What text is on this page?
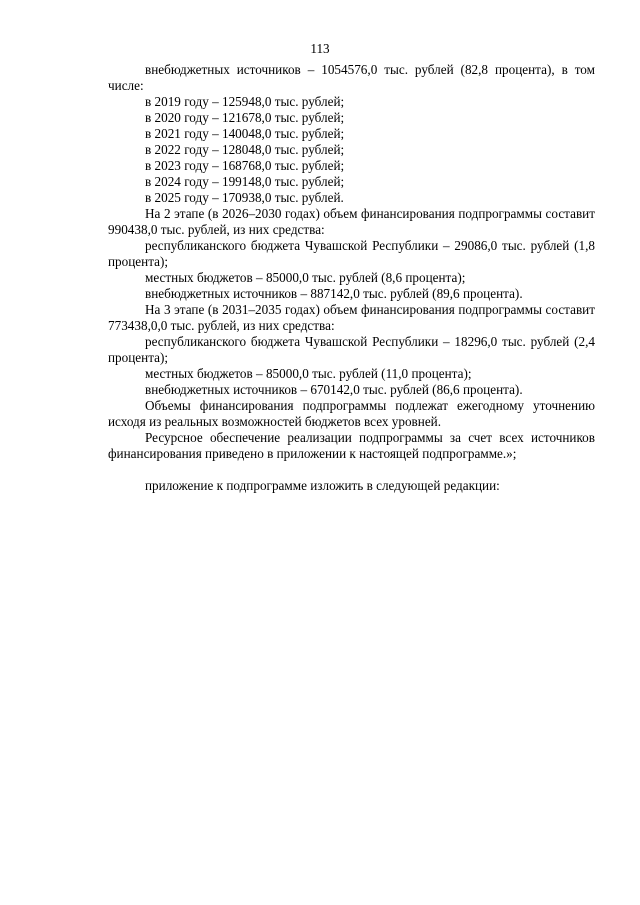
113

внебюджетных источников – 1054576,0 тыс. рублей (82,8 процента), в том числе:

в 2019 году – 125948,0 тыс. рублей;

в 2020 году – 121678,0 тыс. рублей;

в 2021 году – 140048,0 тыс. рублей;

в 2022 году – 128048,0 тыс. рублей;

в 2023 году – 168768,0 тыс. рублей;

в 2024 году – 199148,0 тыс. рублей;

в 2025 году – 170938,0 тыс. рублей.

На 2 этапе (в 2026–2030 годах) объем финансирования подпрограммы составит 990438,0 тыс. рублей, из них средства:

республиканского бюджета Чувашской Республики – 29086,0 тыс. рублей (1,8 процента);

местных бюджетов – 85000,0 тыс. рублей (8,6 процента);

внебюджетных источников – 887142,0 тыс. рублей (89,6 процента).

На 3 этапе (в 2031–2035 годах) объем финансирования подпрограммы составит 773438,0,0 тыс. рублей, из них средства:

республиканского бюджета Чувашской Республики – 18296,0 тыс. рублей (2,4 процента);

местных бюджетов – 85000,0 тыс. рублей (11,0 процента);

внебюджетных источников – 670142,0 тыс. рублей (86,6 процента).

Объемы финансирования подпрограммы подлежат ежегодному уточнению исходя из реальных возможностей бюджетов всех уровней.

Ресурсное обеспечение реализации подпрограммы за счет всех источников финансирования приведено в приложении к настоящей подпрограмме.»;

приложение к подпрограмме изложить в следующей редакции:
